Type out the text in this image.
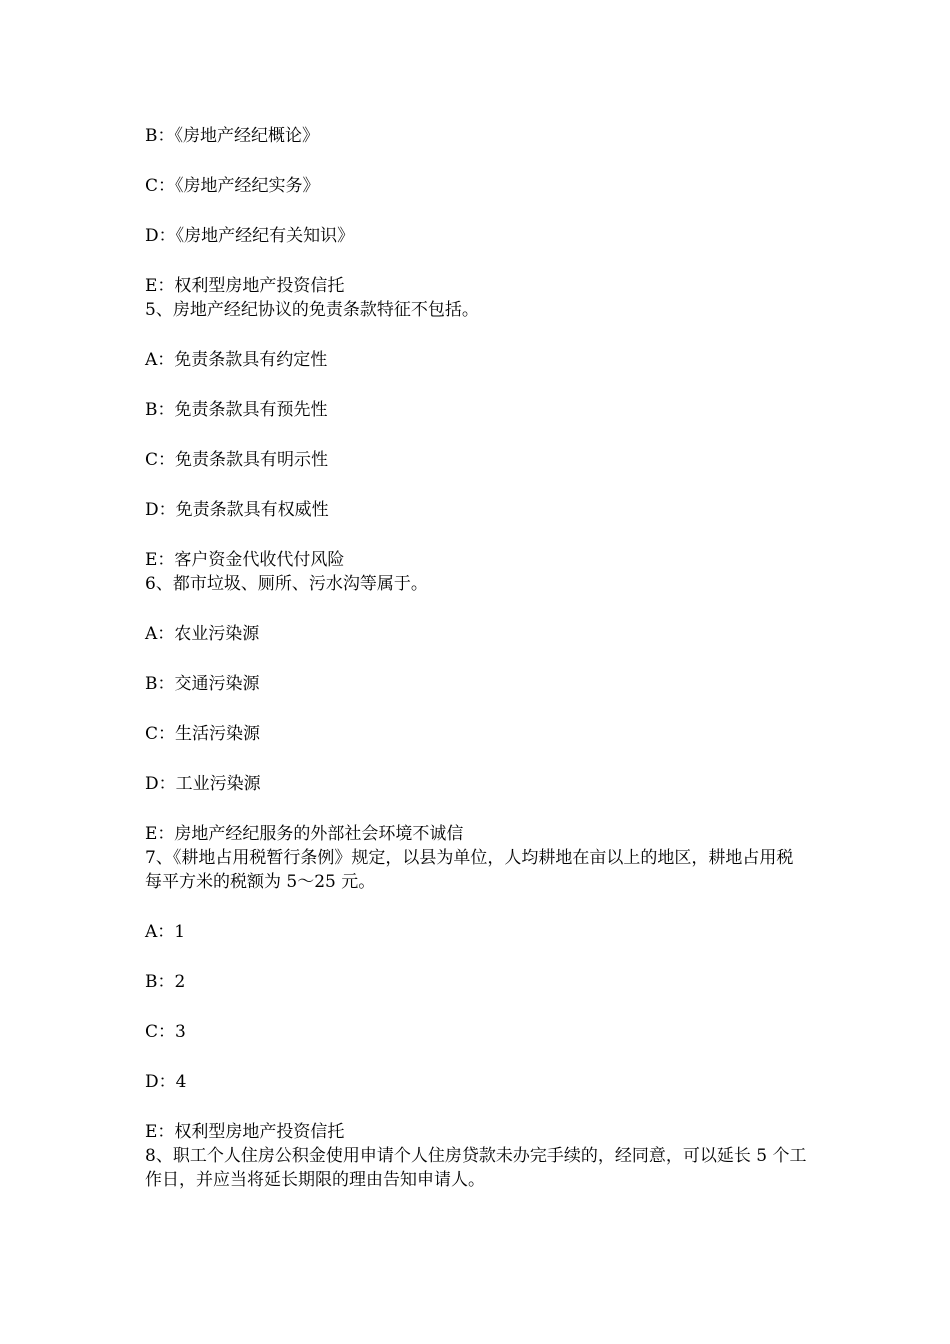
B：《房地产经纪概论》
C：《房地产经纪实务》
D：《房地产经纪有关知识》
E：权利型房地产投资信托
5、房地产经纪协议的免责条款特征不包括。
A：免责条款具有约定性
B：免责条款具有预先性
C：免责条款具有明示性
D：免责条款具有权威性
E：客户资金代收代付风险
6、都市垃圾、厕所、污水沟等属于。
A：农业污染源
B：交通污染源
C：生活污染源
D：工业污染源
E：房地产经纪服务的外部社会环境不诚信
7、《耕地占用税暂行条例》规定，以县为单位，人均耕地在亩以上的地区，耕地占用税每平方米的税额为 5～25 元。
A：1
B：2
C：3
D：4
E：权利型房地产投资信托
8、职工个人住房公积金使用申请个人住房贷款未办完手续的，经同意，可以延长 5 个工作日，并应当将延长期限的理由告知申请人。
